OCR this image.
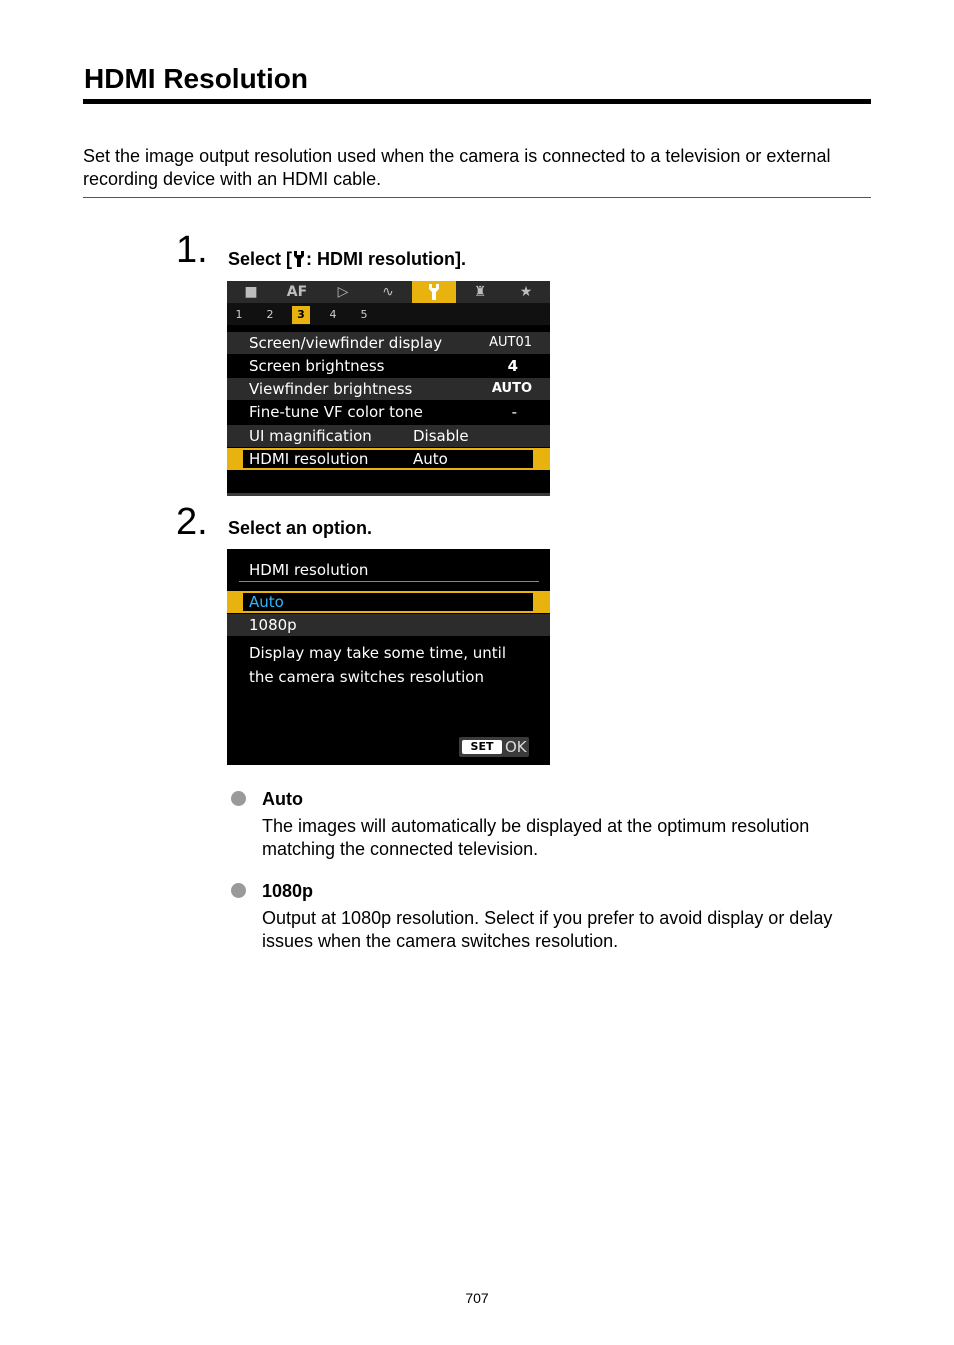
HDMI Resolution
Set the image output resolution used when the camera is connected to a television or external recording device with an HDMI cable.
1. Select [ : HDMI resolution].
■	AF	▷	∿	♜	★
1	2	3	4	5
Screen/viewfinder display	AUT01
Screen brightness	4
Viewfinder brightness	AUTO
Fine-tune VF color tone	-
UI magnification	Disable
HDMI resolution	Auto
2. Select an option.
HDMI resolution
Auto
1080p
Display may take some time, until
the camera switches resolution
SET OK
Auto
The images will automatically be displayed at the optimum resolution matching the connected television.
1080p
Output at 1080p resolution. Select if you prefer to avoid display or delay issues when the camera switches resolution.
707
